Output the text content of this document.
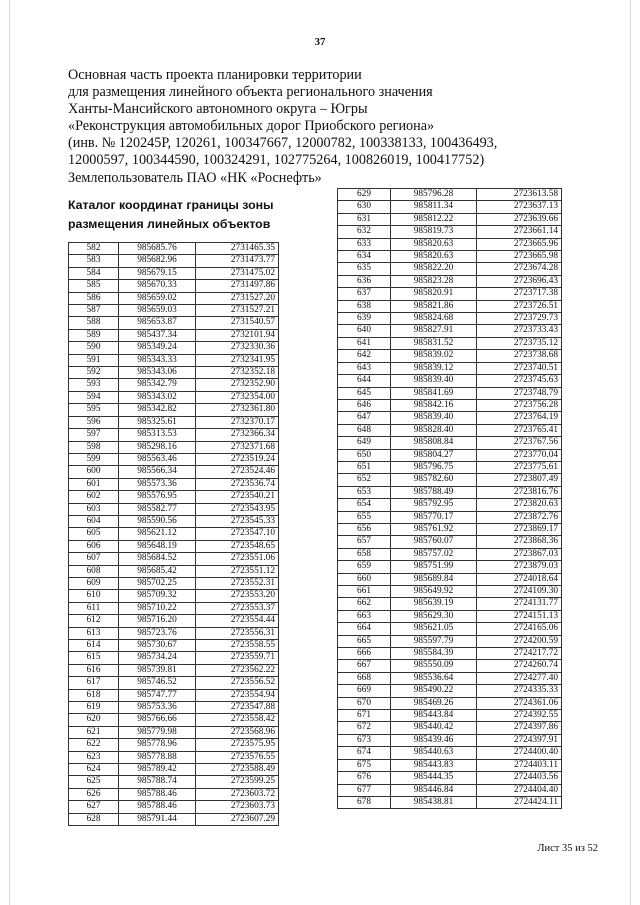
37
Основная часть проекта планировки территории
для размещения линейного объекта регионального значения
Ханты-Мансийского автономного округа – Югры
«Реконструкция автомобильных дорог Приобского региона»
(инв. № 120245Р, 120261, 100347667, 12000782, 100338133, 100436493,
12000597, 100344590, 100324291, 102775264, 100826019, 100417752)
Землепользователь ПАО «НК «Роснефть»
Каталог координат границы зоны размещения линейных объектов
582	985685.76	2731465.35
583	985682.96	2731473.77
584	985679.15	2731475.02
585	985670.33	2731497.86
586	985659.02	2731527.20
587	985659.03	2731527.21
588	985653.87	2731540.57
589	985437.34	2732101.94
590	985349.24	2732330.36
591	985343.33	2732341.95
592	985343.06	2732352.18
593	985342.79	2732352.90
594	985343.02	2732354.00
595	985342.82	2732361.80
596	985325.61	2732370.17
597	985313.53	2732366.34
598	985298.16	2732371.68
599	985563.46	2723519.24
600	985566.34	2723524.46
601	985573.36	2723536.74
602	985576.95	2723540.21
603	985582.77	2723543.95
604	985590.56	2723545.33
605	985621.12	2723547.10
606	985648.19	2723548.65
607	985684.52	2723551.06
608	985685.42	2723551.12
609	985702.25	2723552.31
610	985709.32	2723553.20
611	985710.22	2723553.37
612	985716.20	2723554.44
613	985723.76	2723556.31
614	985730.67	2723558.55
615	985734.24	2723559.71
616	985739.81	2723562.22
617	985746.52	2723556.52
618	985747.77	2723554.94
619	985753.36	2723547.88
620	985766.66	2723558.42
621	985779.98	2723568.96
622	985778.96	2723575.95
623	985778.88	2723576.55
624	985789.42	2723588.49
625	985788.74	2723599.25
626	985788.46	2723603.72
627	985788.46	2723603.73
628	985791.44	2723607.29
629	985796.28	2723613.58
630	985811.34	2723637.13
631	985812.22	2723639.66
632	985819.73	2723661.14
633	985820.63	2723665.96
634	985820.63	2723665.98
635	985822.20	2723674.28
636	985823.28	2723696.43
637	985820.91	2723717.38
638	985821.86	2723726.51
639	985824.68	2723729.73
640	985827.91	2723733.43
641	985831.52	2723735.12
642	985839.02	2723738.68
643	985839.12	2723740.51
644	985839.40	2723745.63
645	985841.69	2723748.79
646	985842.16	2723756.28
647	985839.40	2723764.19
648	985828.40	2723765.41
649	985808.84	2723767.56
650	985804.27	2723770.04
651	985796.75	2723775.61
652	985782.60	2723807.49
653	985788.49	2723816.76
654	985792.95	2723820.63
655	985770.17	2723872.76
656	985761.92	2723869.17
657	985760.07	2723868.36
658	985757.02	2723867.03
659	985751.99	2723879.03
660	985689.84	2724018.64
661	985649.92	2724109.30
662	985639.19	2724131.77
663	985629.30	2724151.13
664	985621.05	2724165.06
665	985597.79	2724200.59
666	985584.39	2724217.72
667	985550.09	2724260.74
668	985536.64	2724277.40
669	985490.22	2724335.33
670	985469.26	2724361.06
671	985443.84	2724392.55
672	985440.42	2724397.86
673	985439.46	2724397.91
674	985440.63	2724400.40
675	985443.83	2724403.11
676	985444.35	2724403.56
677	985446.84	2724404.40
678	985438.81	2724424.11
Лист 35 из 52
